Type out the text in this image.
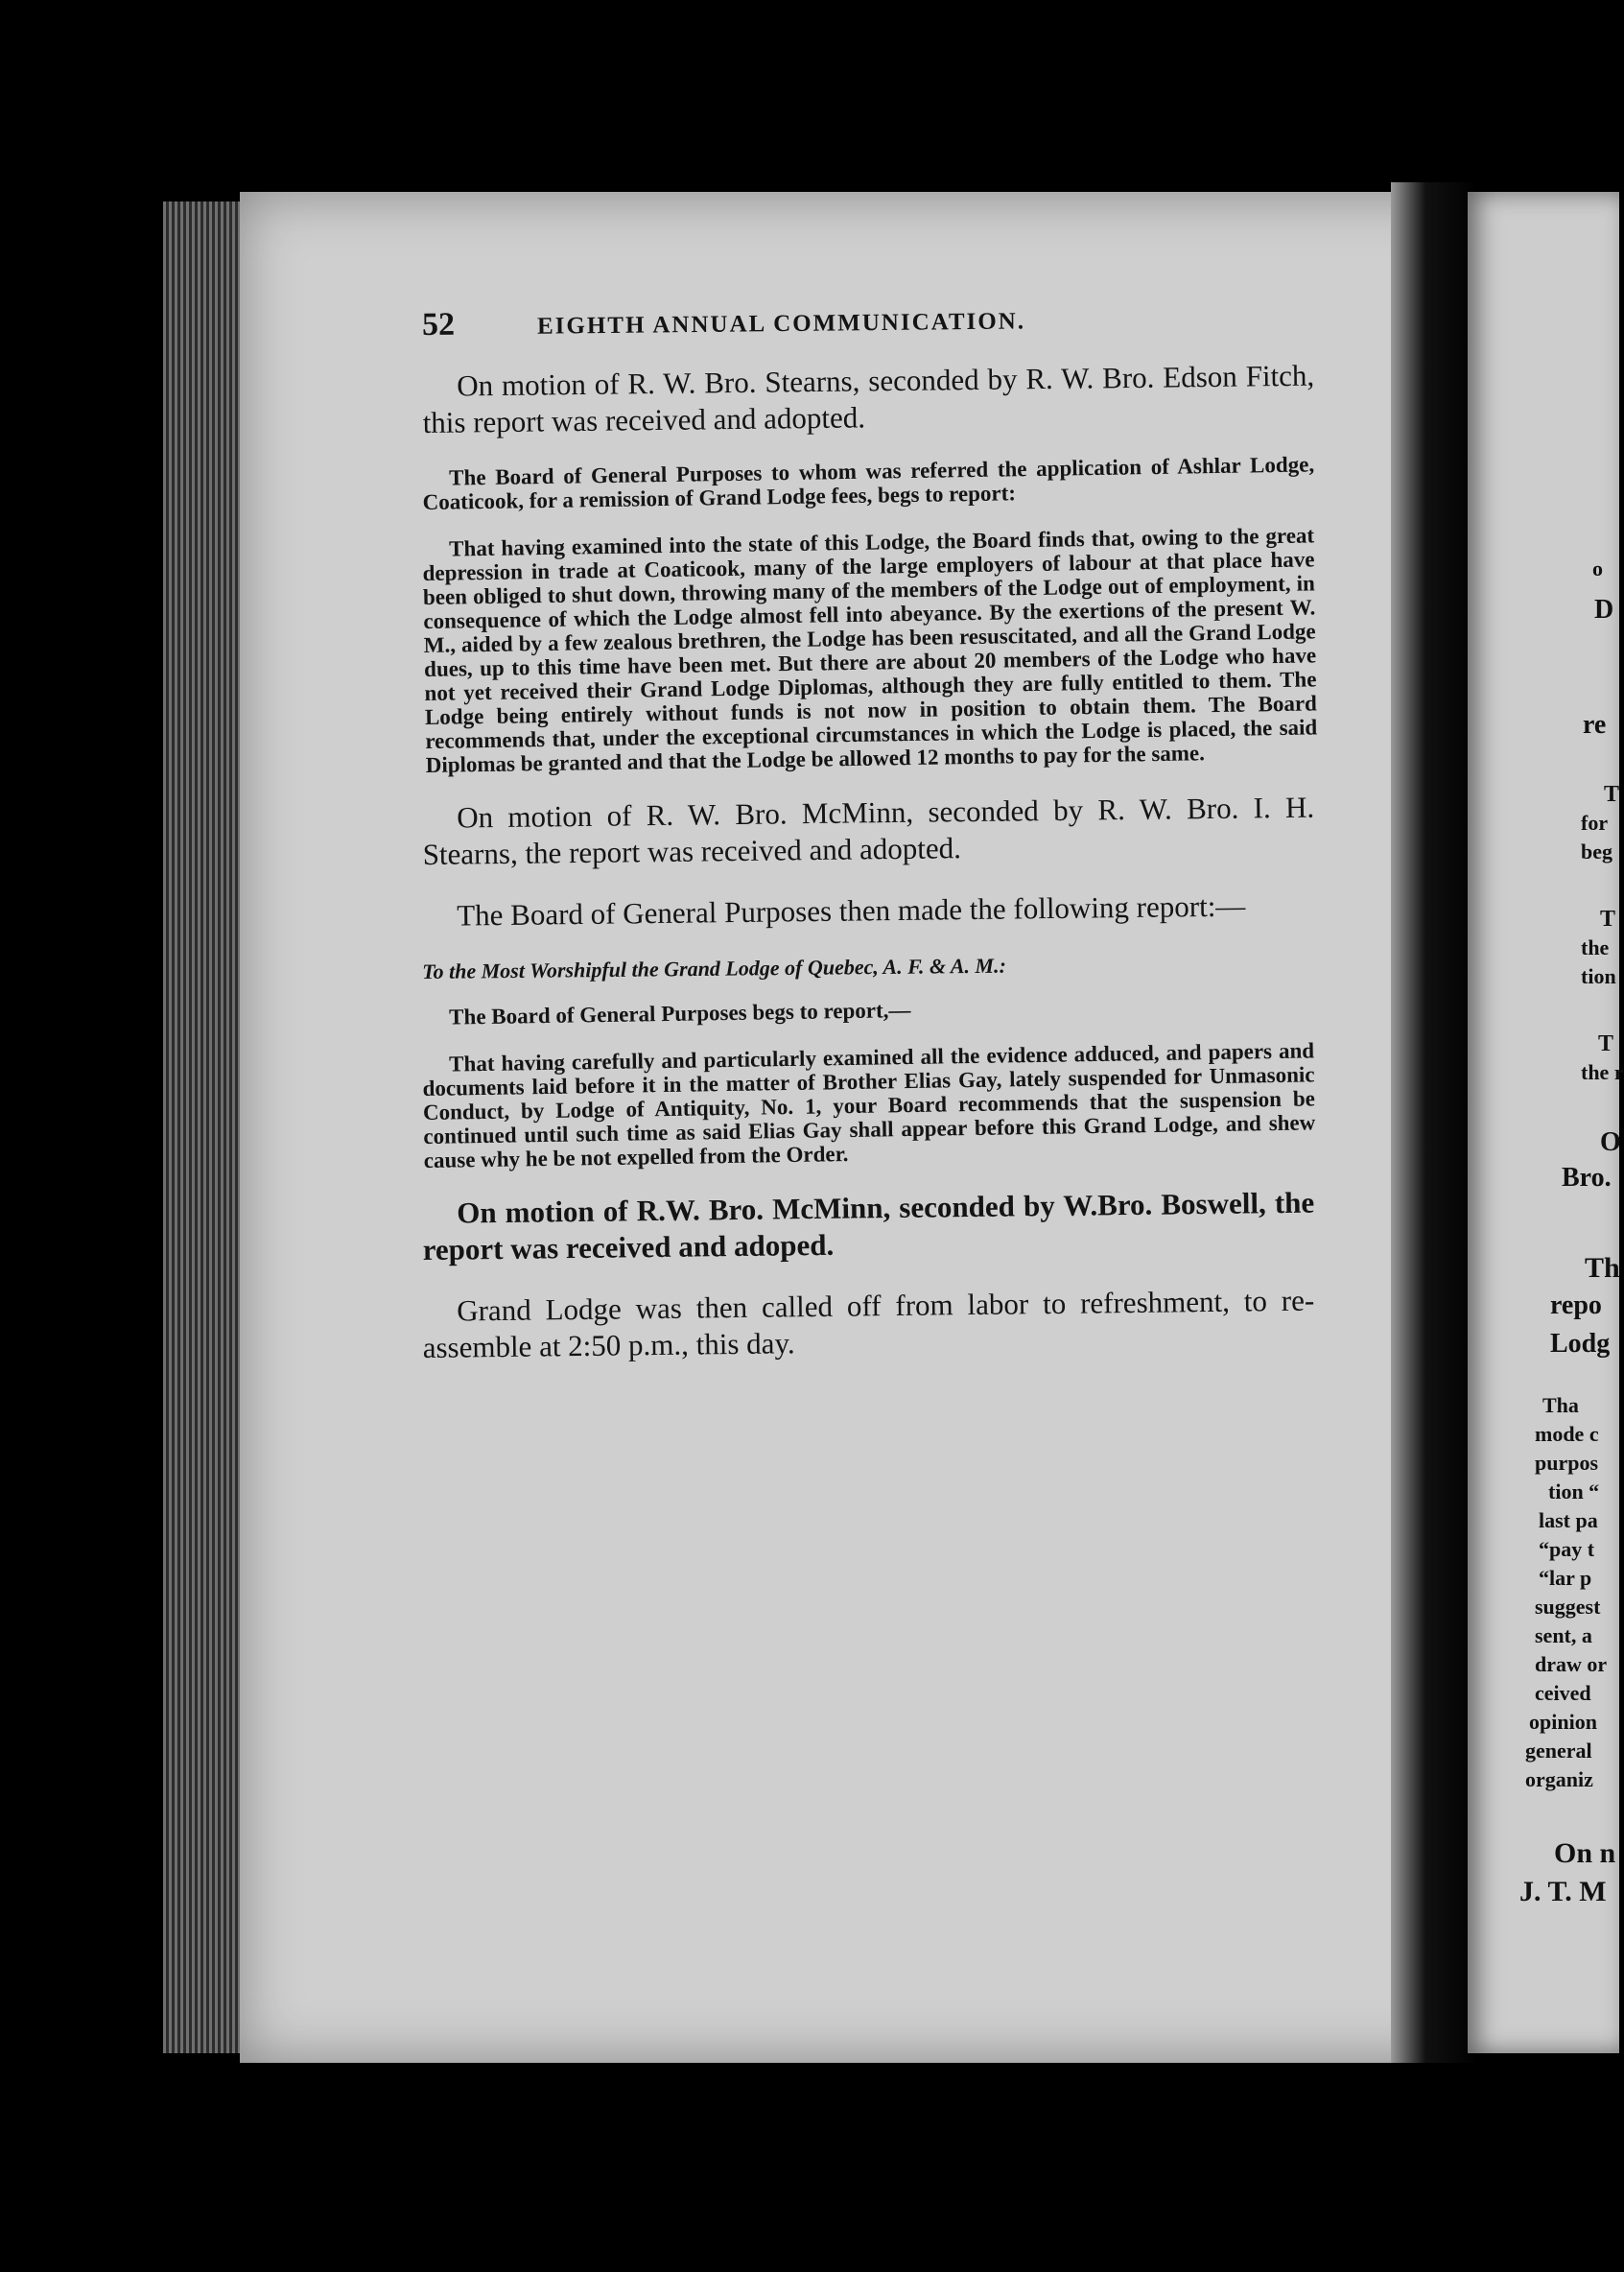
52	EIGHTH ANNUAL COMMUNICATION.

On motion of R. W. Bro. Stearns, seconded by R. W. Bro. Edson Fitch, this report was received and adopted.

The Board of General Purposes to whom was referred the application of Ashlar Lodge, Coaticook, for a remission of Grand Lodge fees, begs to report:

That having examined into the state of this Lodge, the Board finds that, owing to the great depression in trade at Coaticook, many of the large employers of labour at that place have been obliged to shut down, throwing many of the members of the Lodge out of employment, in consequence of which the Lodge almost fell into abeyance. By the exertions of the present W. M., aided by a few zealous brethren, the Lodge has been resuscitated, and all the Grand Lodge dues, up to this time have been met. But there are about 20 members of the Lodge who have not yet received their Grand Lodge Diplomas, although they are fully entitled to them. The Lodge being entirely without funds is not now in position to obtain them. The Board recommends that, under the exceptional circumstances in which the Lodge is placed, the said Diplomas be granted and that the Lodge be allowed 12 months to pay for the same.

On motion of R. W. Bro. McMinn, seconded by R. W. Bro. I. H. Stearns, the report was received and adopted.

The Board of General Purposes then made the following report:—

To the Most Worshipful the Grand Lodge of Quebec, A. F. & A. M.:

The Board of General Purposes begs to report,—

That having carefully and particularly examined all the evidence adduced, and papers and documents laid before it in the matter of Brother Elias Gay, lately suspended for Unmasonic Conduct, by Lodge of Antiquity, No. 1, your Board recommends that the suspension be continued until such time as said Elias Gay shall appear before this Grand Lodge, and shew cause why he be not expelled from the Order.

On motion of R.W. Bro. McMinn, seconded by W.Bro. Boswell, the report was received and adoped.

Grand Lodge was then called off from labor to refreshment, to re-assemble at 2:50 p.m., this day.

o
D
re
T
for
beg
T
the
tion
T
the r
O
Bro.
Th
repo
Lodg
Tha
mode c
purpos
tion “
last pa
“pay t
“lar p
suggest
sent, a
draw or
ceived
opinion
general
organiz
On n
J. T. M
